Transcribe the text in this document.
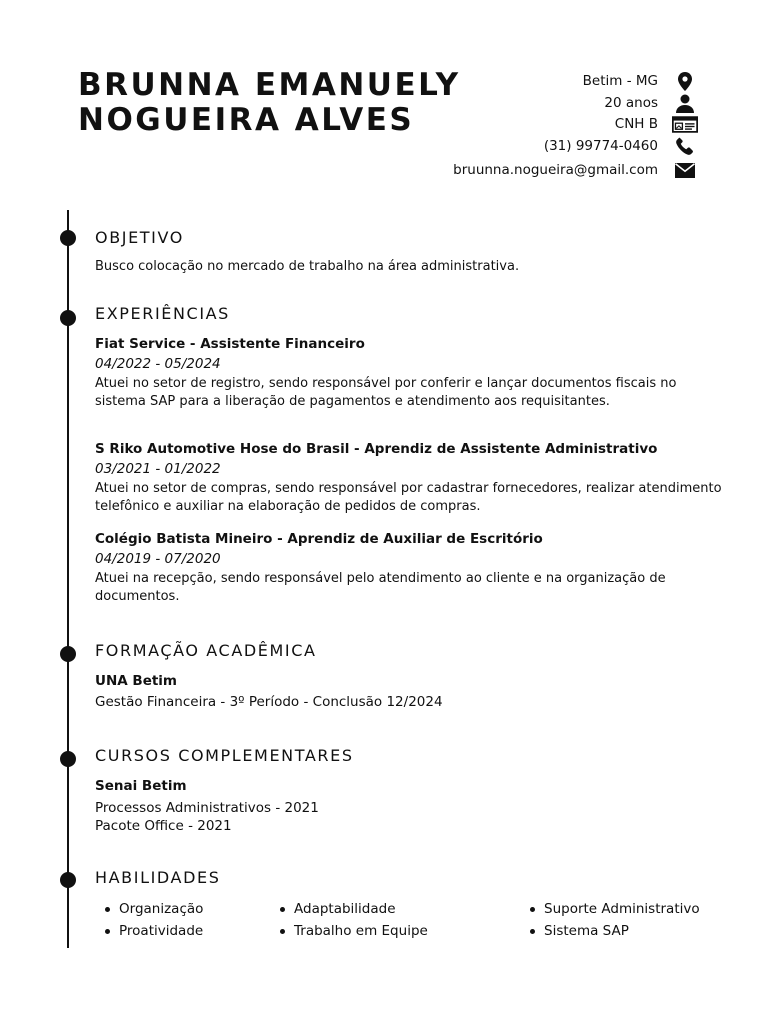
BRUNNA EMANUELY
NOGUEIRA ALVES
Betim - MG
20 anos
CNH B
(31) 99774-0460
bruunna.nogueira@gmail.com
OBJETIVO
Busco colocação no mercado de trabalho na área administrativa.
EXPERIÊNCIAS
Fiat Service - Assistente Financeiro
04/2022 - 05/2024
Atuei no setor de registro, sendo responsável por conferir e lançar documentos fiscais no sistema SAP para a liberação de pagamentos e atendimento aos requisitantes.
S Riko Automotive Hose do Brasil - Aprendiz de Assistente Administrativo
03/2021 - 01/2022
Atuei no setor de compras, sendo responsável por cadastrar fornecedores, realizar atendimento telefônico e auxiliar na elaboração de pedidos de compras.
Colégio Batista Mineiro - Aprendiz de Auxiliar de Escritório
04/2019 - 07/2020
Atuei na recepção, sendo responsável pelo atendimento ao cliente e na organização de documentos.
FORMAÇÃO ACADÊMICA
UNA Betim
Gestão Financeira - 3º Período - Conclusão 12/2024
CURSOS COMPLEMENTARES
Senai Betim
Processos Administrativos - 2021
Pacote Office - 2021
HABILIDADES
Organização
Proatividade
Adaptabilidade
Trabalho em Equipe
Suporte Administrativo
Sistema SAP
